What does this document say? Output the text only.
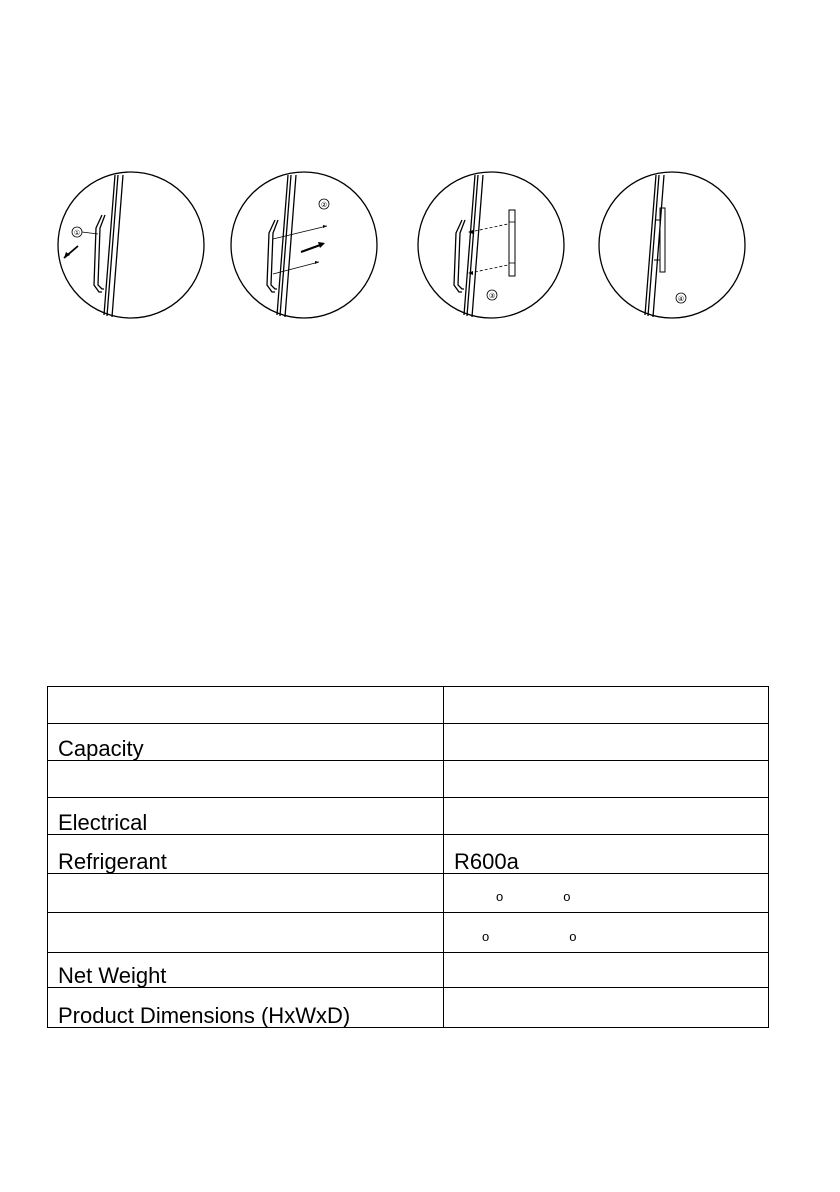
①
②
③	④

Capacity	

Electrical	
Refrigerant	R600a
	$^o$ $^o$
	$^o$ $^o$
Net Weight	
Product Dimensions (HxWxD)	
